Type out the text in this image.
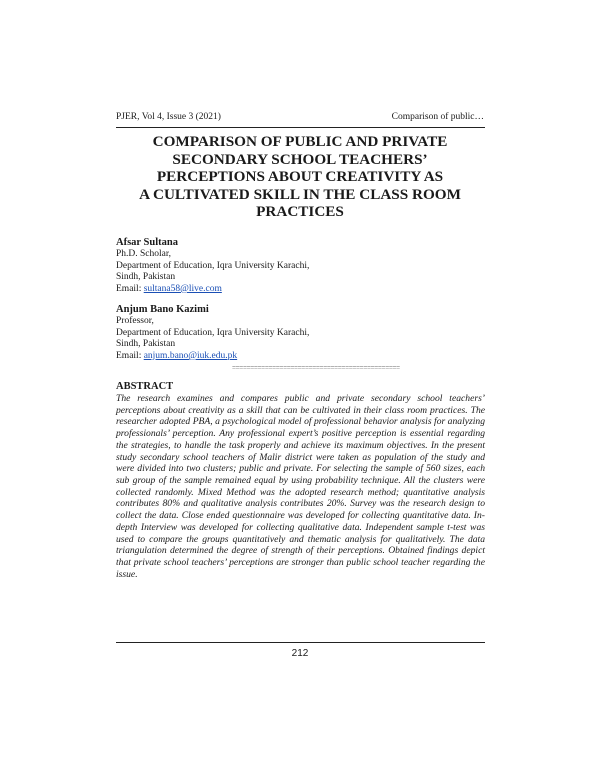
PJER, Vol 4, Issue 3 (2021)	Comparison of public…
COMPARISON OF PUBLIC AND PRIVATE
SECONDARY SCHOOL TEACHERS’
PERCEPTIONS ABOUT CREATIVITY AS
A CULTIVATED SKILL IN THE CLASS ROOM
PRACTICES
Afsar Sultana
Ph.D. Scholar,
Department of Education, Iqra University Karachi,
Sindh, Pakistan
Email: sultana58@live.com
Anjum Bano Kazimi
Professor,
Department of Education, Iqra University Karachi,
Sindh, Pakistan
Email: anjum.bano@iuk.edu.pk
==============================================
ABSTRACT

The research examines and compares public and private secondary school teachers’ perceptions about creativity as a skill that can be cultivated in their class room practices. The researcher adopted PBA, a psychological model of professional behavior analysis for analyzing professionals’ perception. Any professional expert’s positive perception is essential regarding the strategies, to handle the task properly and achieve its maximum objectives. In the present study secondary school teachers of Malir district were taken as population of the study and were divided into two clusters; public and private. For selecting the sample of 560 sizes, each sub group of the sample remained equal by using probability technique. All the clusters were collected randomly. Mixed Method was the adopted research method; quantitative analysis contributes 80% and qualitative analysis contributes 20%. Survey was the research design to collect the data. Close ended questionnaire was developed for collecting quantitative data. In-depth Interview was developed for collecting qualitative data. Independent sample t-test was used to compare the groups quantitatively and thematic analysis for qualitatively. The data triangulation determined the degree of strength of their perceptions. Obtained findings depict that private school teachers’ perceptions are stronger than public school teacher regarding the issue.

212
